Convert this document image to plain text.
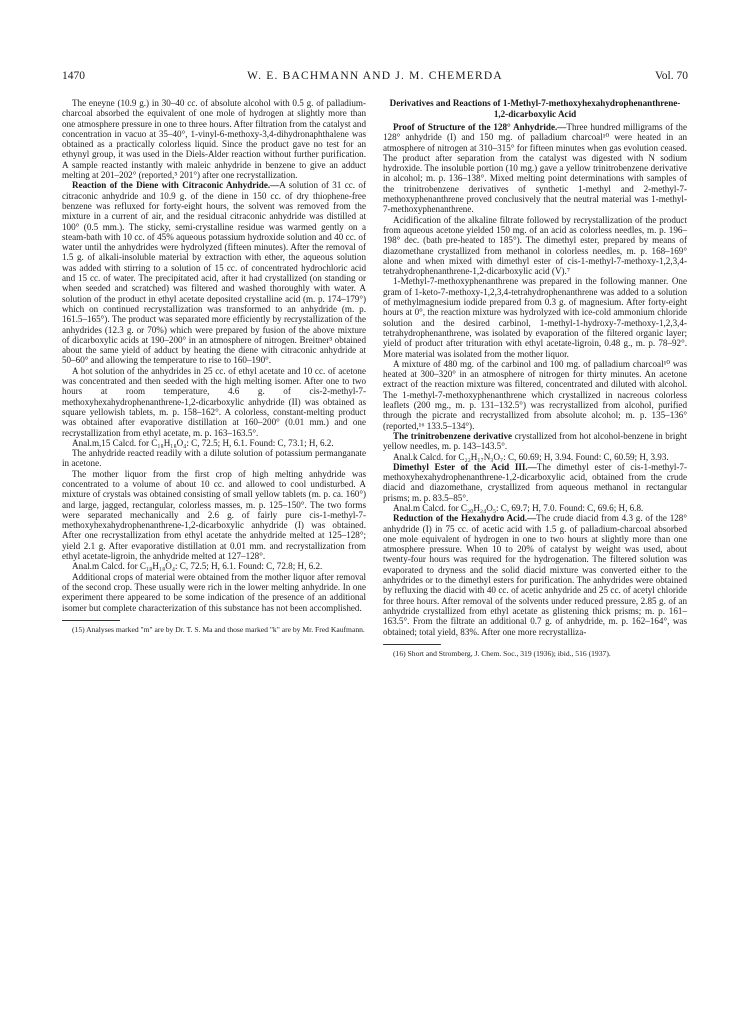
1470	W. E. BACHMANN AND J. M. CHEMERDA	Vol. 70

The eneyne (10.9 g.) in 30–40 cc. of absolute alcohol with 0.5 g. of palladium-charcoal absorbed the equivalent of one mole of hydrogen at slightly more than one atmosphere pressure in one to three hours. After filtration from the catalyst and concentration in vacuo at 35–40°, 1-vinyl-6-methoxy-3,4-dihydronaphthalene was obtained as a practically colorless liquid. Since the product gave no test for an ethynyl group, it was used in the Diels-Alder reaction without further purification. A sample reacted instantly with maleic anhydride in benzene to give an adduct melting at 201–202° (reported,⁵ 201°) after one recrystallization.

Reaction of the Diene with Citraconic Anhydride.—A solution of 31 cc. of citraconic anhydride and 10.9 g. of the diene in 150 cc. of dry thiophene-free benzene was refluxed for forty-eight hours, the solvent was removed from the mixture in a current of air, and the residual citraconic anhydride was distilled at 100° (0.5 mm.). The sticky, semi-crystalline residue was warmed gently on a steam-bath with 10 cc. of 45% aqueous potassium hydroxide solution and 40 cc. of water until the anhydrides were hydrolyzed (fifteen minutes). After the removal of 1.5 g. of alkali-insoluble material by extraction with ether, the aqueous solution was added with stirring to a solution of 15 cc. of concentrated hydrochloric acid and 15 cc. of water. The precipitated acid, after it had crystallized (on standing or when seeded and scratched) was filtered and washed thoroughly with water. A solution of the product in ethyl acetate deposited crystalline acid (m. p. 174–179°) which on continued recrystallization was transformed to an anhydride (m. p. 161.5–165°). The product was separated more efficiently by recrystallization of the anhydrides (12.3 g. or 70%) which were prepared by fusion of the above mixture of dicarboxylic acids at 190–200° in an atmosphere of nitrogen. Breitner³ obtained about the same yield of adduct by heating the diene with citraconic anhydride at 50–60° and allowing the temperature to rise to 160–190°.

A hot solution of the anhydrides in 25 cc. of ethyl acetate and 10 cc. of acetone was concentrated and then seeded with the high melting isomer. After one to two hours at room temperature, 4.6 g. of cis-2-methyl-7-methoxyhexahydrophenanthrene-1,2-dicarboxylic anhydride (II) was obtained as square yellowish tablets, m. p. 158–162°. A colorless, constant-melting product was obtained after evaporative distillation at 160–200° (0.01 mm.) and one recrystallization from ethyl acetate, m. p. 163–163.5°.

Anal.m,15 Calcd. for C₁₈H₁₈O₄: C, 72.5; H, 6.1. Found: C, 73.1; H, 6.2.

The anhydride reacted readily with a dilute solution of potassium permanganate in acetone.

The mother liquor from the first crop of high melting anhydride was concentrated to a volume of about 10 cc. and allowed to cool undisturbed. A mixture of crystals was obtained consisting of small yellow tablets (m. p. ca. 160°) and large, jagged, rectangular, colorless masses, m. p. 125–150°. The two forms were separated mechanically and 2.6 g. of fairly pure cis-1-methyl-7-methoxyhexahydrophenanthrene-1,2-dicarboxylic anhydride (I) was obtained. After one recrystallization from ethyl acetate the anhydride melted at 125–128°; yield 2.1 g. After evaporative distillation at 0.01 mm. and recrystallization from ethyl acetate-ligroin, the anhydride melted at 127–128°.

Anal.m Calcd. for C₁₈H₁₈O₄: C, 72.5; H, 6.1. Found: C, 72.8; H, 6.2.

Additional crops of material were obtained from the mother liquor after removal of the second crop. These usually were rich in the lower melting anhydride. In one experiment there appeared to be some indication of the presence of an additional isomer but complete characterization of this substance has not been accomplished.

(15) Analyses marked "m" are by Dr. T. S. Ma and those marked "k" are by Mr. Fred Kaufmann.

Derivatives and Reactions of 1-Methyl-7-methoxyhexahydrophenanthrene-1,2-dicarboxylic Acid

Proof of Structure of the 128° Anhydride.—Three hundred milligrams of the 128° anhydride (I) and 150 mg. of palladium charcoal¹⁰ were heated in an atmosphere of nitrogen at 310–315° for fifteen minutes when gas evolution ceased. The product after separation from the catalyst was digested with N sodium hydroxide. The insoluble portion (10 mg.) gave a yellow trinitrobenzene derivative in alcohol; m. p. 136–138°. Mixed melting point determinations with samples of the trinitrobenzene derivatives of synthetic 1-methyl and 2-methyl-7-methoxyphenanthrene proved conclusively that the neutral material was 1-methyl-7-methoxyphenanthrene.

Acidification of the alkaline filtrate followed by recrystallization of the product from aqueous acetone yielded 150 mg. of an acid as colorless needles, m. p. 196–198° dec. (bath pre-heated to 185°). The dimethyl ester, prepared by means of diazomethane crystallized from methanol in colorless needles, m. p. 168–169° alone and when mixed with dimethyl ester of cis-1-methyl-7-methoxy-1,2,3,4-tetrahydrophenanthrene-1,2-dicarboxylic acid (V).⁷

1-Methyl-7-methoxyphenanthrene was prepared in the following manner. One gram of 1-keto-7-methoxy-1,2,3,4-tetrahydrophenanthrene was added to a solution of methylmagnesium iodide prepared from 0.3 g. of magnesium. After forty-eight hours at 0°, the reaction mixture was hydrolyzed with ice-cold ammonium chloride solution and the desired carbinol, 1-methyl-1-hydroxy-7-methoxy-1,2,3,4-tetrahydrophenanthrene, was isolated by evaporation of the filtered organic layer; yield of product after trituration with ethyl acetate-ligroin, 0.48 g., m. p. 78–92°. More material was isolated from the mother liquor.

A mixture of 480 mg. of the carbinol and 100 mg. of palladium charcoal¹⁰ was heated at 300–320° in an atmosphere of nitrogen for thirty minutes. An acetone extract of the reaction mixture was filtered, concentrated and diluted with alcohol. The 1-methyl-7-methoxyphenanthrene which crystallized in nacreous colorless leaflets (200 mg., m. p. 131–132.5°) was recrystallized from alcohol, purified through the picrate and recrystallized from absolute alcohol; m. p. 135–136° (reported,¹⁶ 133.5–134°).

The trinitrobenzene derivative crystallized from hot alcohol-benzene in bright yellow needles, m. p. 143–143.5°.

Anal.k Calcd. for C₂₂H₁₇N₃O₇: C, 60.69; H, 3.94. Found: C, 60.59; H, 3.93.

Dimethyl Ester of the Acid III.—The dimethyl ester of cis-1-methyl-7-methoxyhexahydrophenanthrene-1,2-dicarboxylic acid, obtained from the crude diacid and diazomethane, crystallized from aqueous methanol in rectangular prisms; m. p. 83.5–85°.

Anal.m Calcd. for C₂₀H₂₄O₅: C, 69.7; H, 7.0. Found: C, 69.6; H, 6.8.

Reduction of the Hexahydro Acid.—The crude diacid from 4.3 g. of the 128° anhydride (I) in 75 cc. of acetic acid with 1.5 g. of palladium-charcoal absorbed one mole equivalent of hydrogen in one to two hours at slightly more than one atmosphere pressure. When 10 to 20% of catalyst by weight was used, about twenty-four hours was required for the hydrogenation. The filtered solution was evaporated to dryness and the solid diacid mixture was converted either to the anhydrides or to the dimethyl esters for purification. The anhydrides were obtained by refluxing the diacid with 40 cc. of acetic anhydride and 25 cc. of acetyl chloride for three hours. After removal of the solvents under reduced pressure, 2.85 g. of an anhydride crystallized from ethyl acetate as glistening thick prisms; m. p. 161–163.5°. From the filtrate an additional 0.7 g. of anhydride, m. p. 162–164°, was obtained; total yield, 83%. After one more recrystalliza-

(16) Short and Stromberg, J. Chem. Soc., 319 (1936); ibid., 516 (1937).
